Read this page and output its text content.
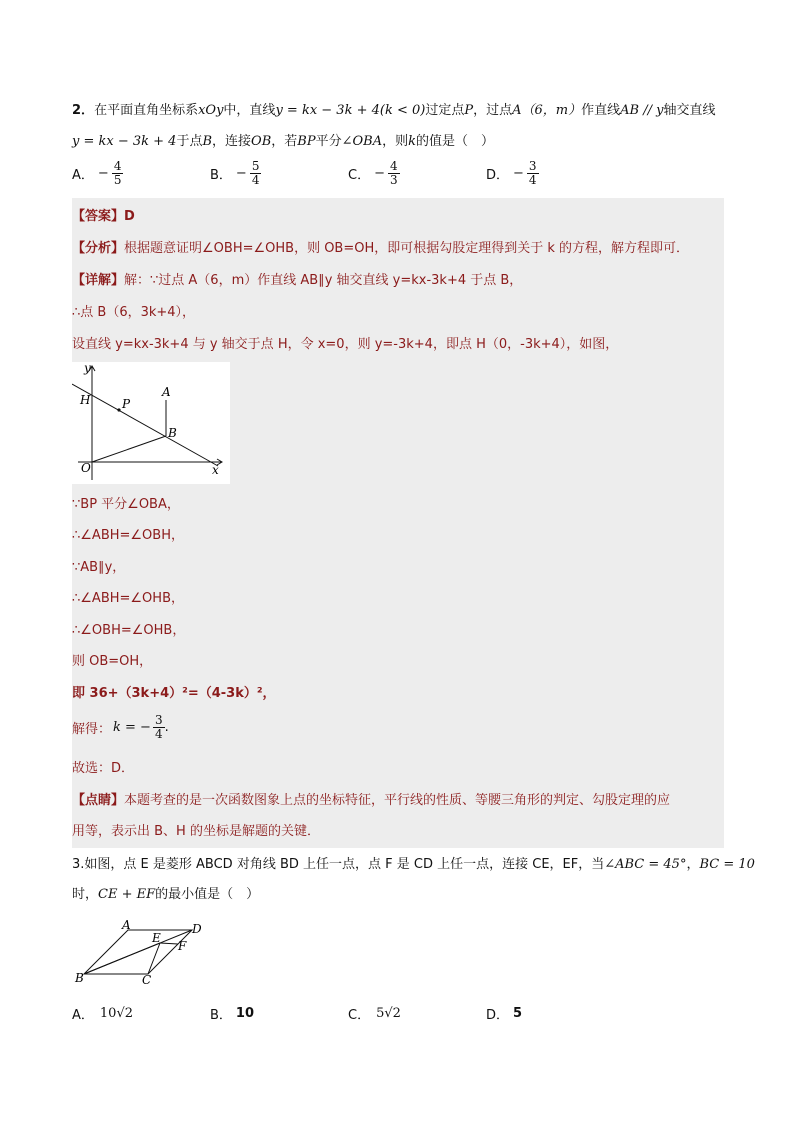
2．在平面直角坐标系xOy中，直线y = kx − 3k + 4(k < 0)过定点P，过点A（6，m）作直线AB // y轴交直线
y = kx − 3k + 4于点B，连接OB，若BP平分∠OBA，则k的值是（　）
A． − $\frac{4}{5}$	B． − $\frac{5}{4}$	C． − $\frac{4}{3}$	D． − $\frac{3}{4}$
【答案】D
【分析】根据题意证明∠OBH=∠OHB，则 OB=OH，即可根据勾股定理得到关于 k 的方程，解方程即可．
【详解】解：∵过点 A（6，m）作直线 AB∥y 轴交直线 y=kx-3k+4 于点 B，
∴点 B（6，3k+4），
设直线 y=kx-3k+4 与 y 轴交于点 H，令 x=0，则 y=-3k+4，即点 H（0，-3k+4），如图，
y
H	P
A
B
O	x
∵BP 平分∠OBA，
∴∠ABH=∠OBH，
∵AB∥y，
∴∠ABH=∠OHB，
∴∠OBH=∠OHB，
则 OB=OH，
即 36+（3k+4）²=（4-3k）²，
解得： k = − $\frac{3}{4}$ .
故选：D．
【点睛】本题考查的是一次函数图象上点的坐标特征，平行线的性质、等腰三角形的判定、勾股定理的应
用等，表示出 B、H 的坐标是解题的关键．
3.如图，点 E 是菱形 ABCD 对角线 BD 上任一点，点 F 是 CD 上任一点，连接 CE，EF，当∠ABC = 45°，BC = 10
时，CE + EF的最小值是（　）
A	D
E
F
B	C
A． 10√2	B． 10	C． 5√2	D． 5
